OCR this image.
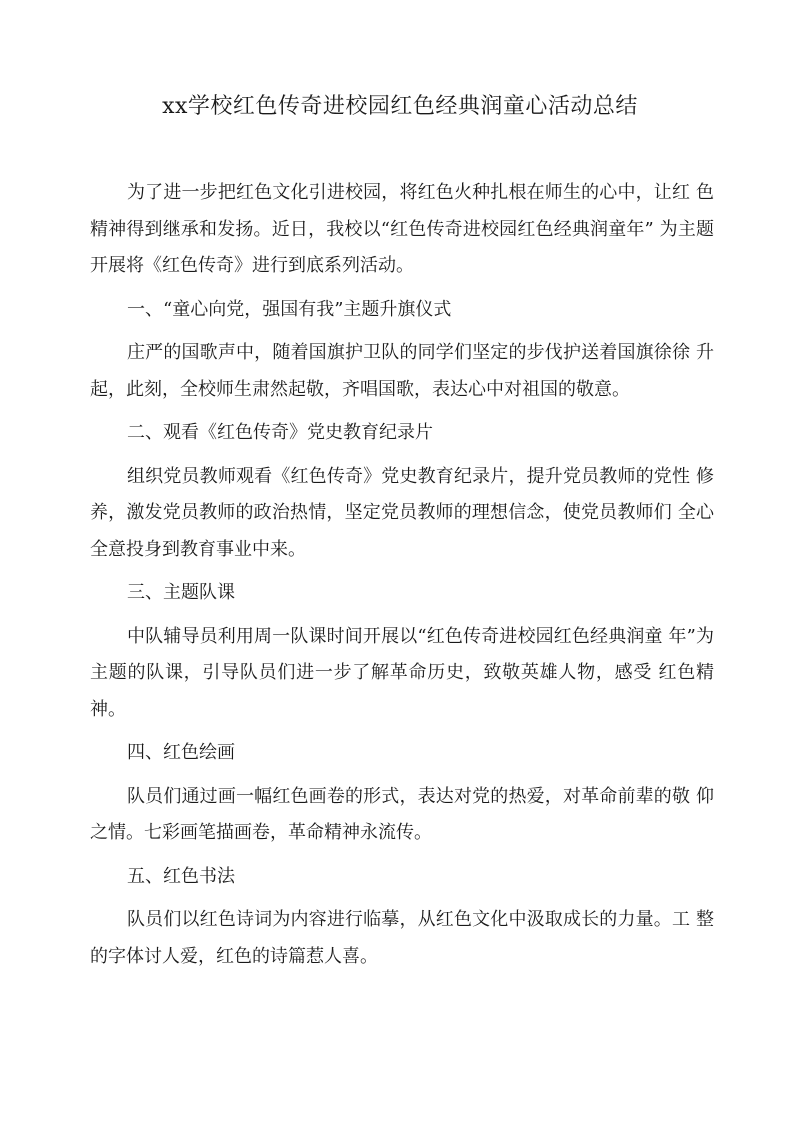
xx学校红色传奇进校园红色经典润童心活动总结

为了进一步把红色文化引进校园，将红色火种扎根在师生的心中，让红 色精神得到继承和发扬。近日，我校以“红色传奇进校园红色经典润童年” 为主题开展将《红色传奇》进行到底系列活动。

一、“童心向党，强国有我”主题升旗仪式

庄严的国歌声中，随着国旗护卫队的同学们坚定的步伐护送着国旗徐徐 升起，此刻，全校师生肃然起敬，齐唱国歌，表达心中对祖国的敬意。

二、观看《红色传奇》党史教育纪录片

组织党员教师观看《红色传奇》党史教育纪录片，提升党员教师的党性 修养，激发党员教师的政治热情，坚定党员教师的理想信念，使党员教师们 全心全意投身到教育事业中来。

三、主题队课

中队辅导员利用周一队课时间开展以“红色传奇进校园红色经典润童 年”为主题的队课，引导队员们进一步了解革命历史，致敬英雄人物，感受 红色精神。

四、红色绘画

队员们通过画一幅红色画卷的形式，表达对党的热爱，对革命前辈的敬 仰之情。七彩画笔描画卷，革命精神永流传。

五、红色书法

队员们以红色诗词为内容进行临摹，从红色文化中汲取成长的力量。工 整的字体讨人爱，红色的诗篇惹人喜。
